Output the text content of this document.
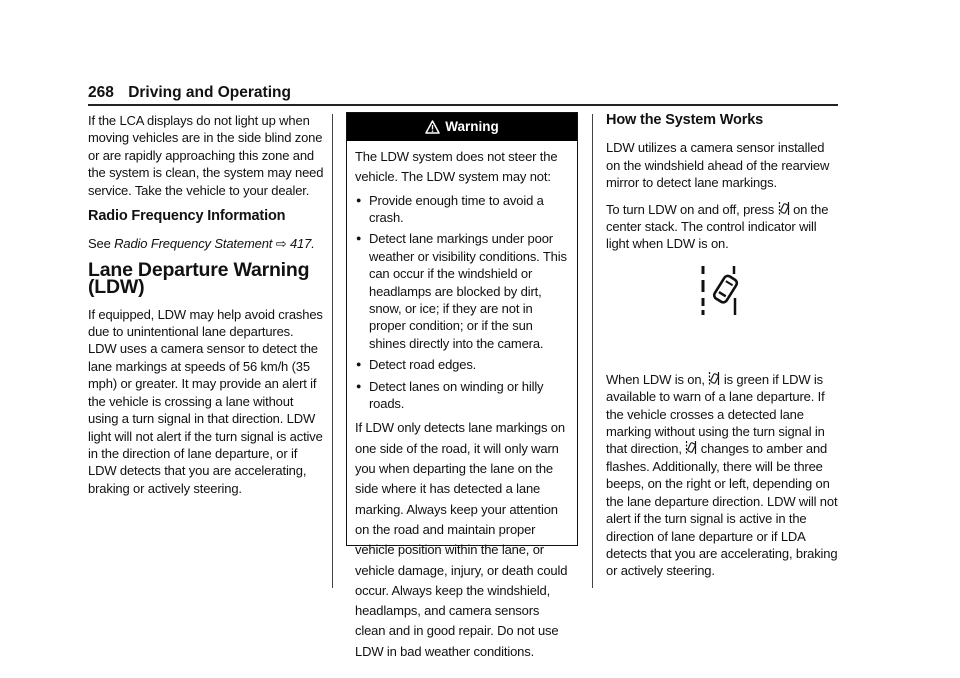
268 Driving and Operating

If the LCA displays do not light up when moving vehicles are in the side blind zone or are rapidly approaching this zone and the system is clean, the system may need service. Take the vehicle to your dealer.

Radio Frequency Information

See Radio Frequency Statement ⇨ 417.

Lane Departure Warning (LDW)

If equipped, LDW may help avoid crashes due to unintentional lane departures. LDW uses a camera sensor to detect the lane markings at speeds of 56 km/h (35 mph) or greater. It may provide an alert if the vehicle is crossing a lane without using a turn signal in that direction. LDW light will not alert if the turn signal is active in the direction of lane departure, or if LDW detects that you are accelerating, braking or actively steering.

Warning

The LDW system does not steer the vehicle. The LDW system may not:

● Provide enough time to avoid a crash.
● Detect lane markings under poor weather or visibility conditions. This can occur if the windshield or headlamps are blocked by dirt, snow, or ice; if they are not in proper condition; or if the sun shines directly into the camera.
● Detect road edges.
● Detect lanes on winding or hilly roads.

If LDW only detects lane markings on one side of the road, it will only warn you when departing the lane on the side where it has detected a lane marking. Always keep your attention on the road and maintain proper vehicle position within the lane, or vehicle damage, injury, or death could occur. Always keep the windshield, headlamps, and camera sensors clean and in good repair. Do not use LDW in bad weather conditions.

How the System Works

LDW utilizes a camera sensor installed on the windshield ahead of the rearview mirror to detect lane markings.

To turn LDW on and off, press on the center stack. The control indicator will light when LDW is on.

When LDW is on, is green if LDW is available to warn of a lane departure. If the vehicle crosses a detected lane marking without using the turn signal in that direction, changes to amber and flashes. Additionally, there will be three beeps, on the right or left, depending on the lane departure direction. LDW will not alert if the turn signal is active in the direction of lane departure or if LDA detects that you are accelerating, braking or actively steering.
